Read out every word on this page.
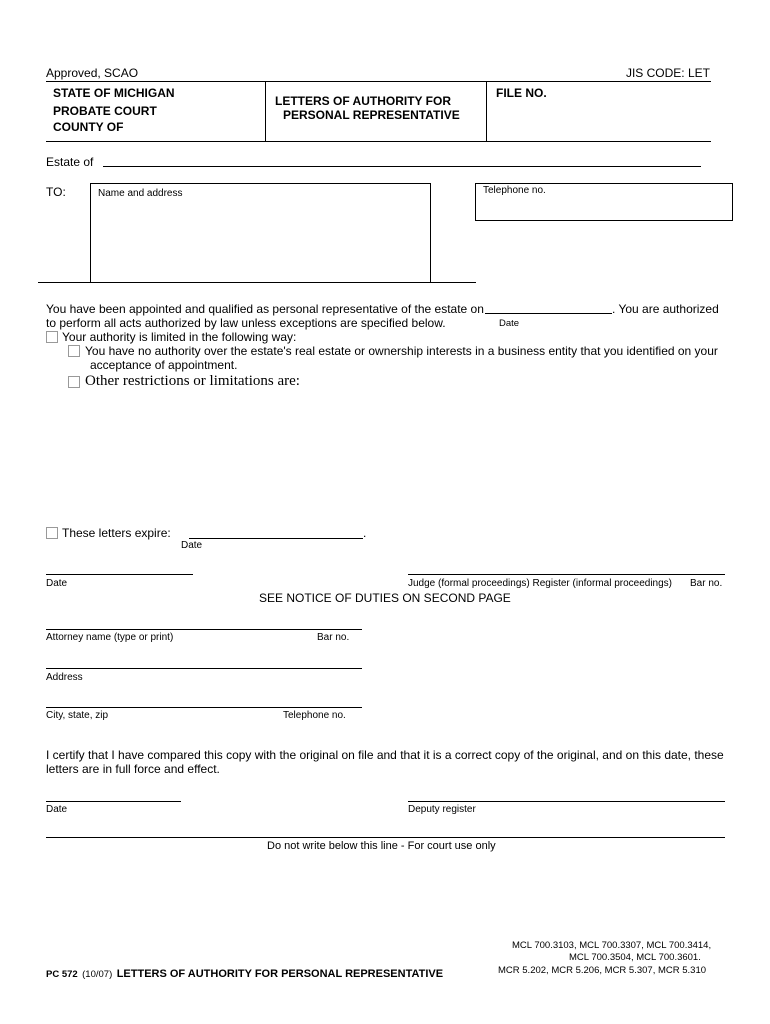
Approved, SCAO	JIS CODE: LET
STATE OF MICHIGAN
PROBATE COURT
COUNTY OF
LETTERS OF AUTHORITY FOR
PERSONAL REPRESENTATIVE
FILE NO.
Estate of
TO:	Name and address	Telephone no.
You have been appointed and qualified as personal representative of the estate on	. You are authorized
to perform all acts authorized by law unless exceptions are specified below.	Date
Your authority is limited in the following way:
You have no authority over the estate's real estate or ownership interests in a business entity that you identified on your
acceptance of appointment.
Other restrictions or limitations are:
These letters expire:	.
Date
Date	Judge (formal proceedings) Register (informal proceedings) Bar no.
SEE NOTICE OF DUTIES ON SECOND PAGE
Attorney name (type or print)	Bar no.
Address
City, state, zip	Telephone no.
I certify that I have compared this copy with the original on file and that it is a correct copy of the original, and on this date, these
letters are in full force and effect.
Date	Deputy register
Do not write below this line - For court use only
MCL 700.3103, MCL 700.3307, MCL 700.3414,
MCL 700.3504, MCL 700.3601.
MCR 5.202, MCR 5.206, MCR 5.307, MCR 5.310
PC 572 (10/07) LETTERS OF AUTHORITY FOR PERSONAL REPRESENTATIVE
